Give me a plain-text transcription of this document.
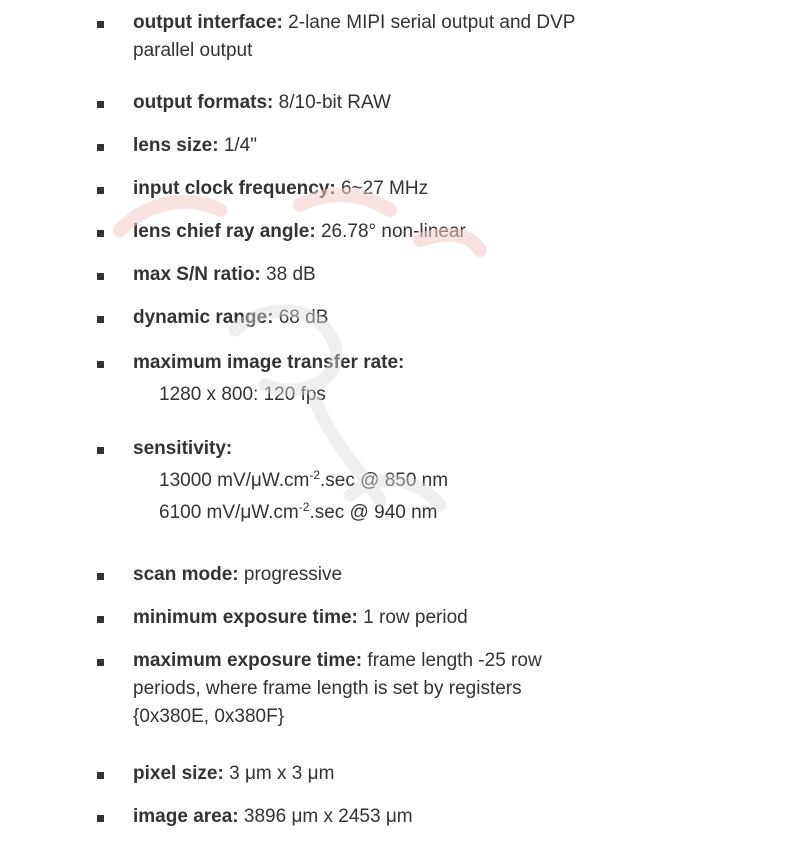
output interface: 2-lane MIPI serial output and DVP
parallel output
output formats: 8/10-bit RAW
lens size: 1/4"
input clock frequency: 6~27 MHz
lens chief ray angle: 26.78° non-linear
max S/N ratio: 38 dB
dynamic range: 68 dB
maximum image transfer rate:
1280 x 800: 120 fps
sensitivity:
13000 $mV/\mu W.cm^{-2}.\sec$ @ 850 nm
6100 $mV/\mu W.cm^{-2}.\sec$ @ 940 nm
scan mode: progressive
minimum exposure time: 1 row period
maximum exposure time: frame length -25 row
periods, where frame length is set by registers
{0x380E, 0x380F}
pixel size: 3 μm x 3 μm
image area: 3896 μm x 2453 μm
